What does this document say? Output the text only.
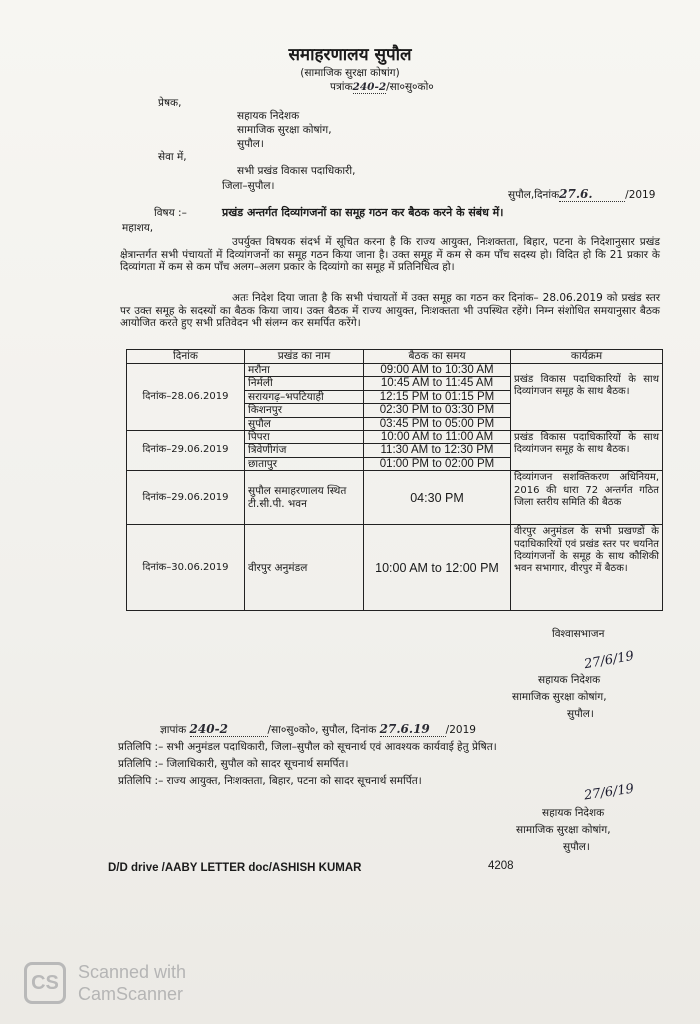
समाहरणालय सुपौल
(सामाजिक सुरक्षा कोषांग)
पत्रांक240-2/सा०सु०को०
प्रेषक,
सहायक निदेशक
सामाजिक सुरक्षा कोषांग,
सुपौल।
सेवा में,
सभी प्रखंड विकास पदाधिकारी,
जिला–सुपौल।
सुपौल,दिनांक27.6.	/2019
विषय :–	प्रखंड अन्तर्गत दिव्यांगजनों का समूह गठन कर बैठक करने के संबंध में।
महाशय,
उपर्युक्त विषयक संदर्भ में सूचित करना है कि राज्य आयुक्त, निःशक्तता, बिहार, पटना के निदेशानुसार प्रखंड क्षेत्रान्तर्गत सभी पंचायतों में दिव्यांगजनों का समूह गठन किया जाना है। उक्त समूह में कम से कम पाँच सदस्य हो। विदित हो कि 21 प्रकार के दिव्यांगता में कम से कम पाँच अलग–अलग प्रकार के दिव्यांगो का समूह में प्रतिनिधित्व हो।
अतः निदेश दिया जाता है कि सभी पंचायतों में उक्त समूह का गठन कर दिनांक– 28.06.2019 को प्रखंड स्तर पर उक्त समूह के सदस्यों का बैठक किया जाय। उक्त बैठक में राज्य आयुक्त, निःशक्तता भी उपस्थित रहेंगे। निम्न संशोधित समयानुसार बैठक आयोजित करते हुए सभी प्रतिवेदन भी संलग्न कर समर्पित करेंगे।
दिनांक	प्रखंड का नाम	बैठक का समय	कार्यक्रम
दिनांक–28.06.2019	मरौना	09:00 AM to 10:30 AM	प्रखंड विकास पदाधिकारियों के साथ दिव्यांगजन समूह के साथ बैठक।
	निर्मली	10:45 AM to 11:45 AM	
	सरायगढ़–भपटियाही	12:15 PM to 01:15 PM	
	किशनपुर	02:30 PM to 03:30 PM	
	सुपौल	03:45 PM to 05:00 PM	
दिनांक–29.06.2019	पिपरा	10:00 AM to 11:00 AM	प्रखंड विकास पदाधिकारियों के साथ दिव्यांगजन समूह के साथ बैठक।
	त्रिवेणीगंज	11:30 AM to 12:30 PM	
	छातापुर	01:00 PM to 02:00 PM	
दिनांक–29.06.2019	सुपौल समाहरणालय स्थित टी.सी.पी. भवन	04:30 PM	दिव्यांगजन सशक्तिकरण अधिनियम, 2016 की धारा 72 अन्तर्गत गठित जिला स्तरीय समिति की बैठक
दिनांक–30.06.2019	वीरपुर अनुमंडल	10:00 AM to 12:00 PM	वीरपुर अनुमंडल के सभी प्रखण्डों के पदाधिकारियों एवं प्रखंड स्तर पर चयनित दिव्यांगजनों के समूह के साथ कौशिकी भवन सभागार, वीरपुर में बैठक।
विश्वासभाजन
27/6/19
सहायक निदेशक
सामाजिक सुरक्षा कोषांग,
सुपौल।
ज्ञापांक 240-2	/सा०सु०को०, सुपौल, दिनांक 27.6.19 /2019
प्रतिलिपि :– सभी अनुमंडल पदाधिकारी, जिला–सुपौल को सूचनार्थ एवं आवश्यक कार्यवाई हेतु प्रेषित।
प्रतिलिपि :– जिलाधिकारी, सुपौल को सादर सूचनार्थ समर्पित।
प्रतिलिपि :– राज्य आयुक्त, निःशक्तता, बिहार, पटना को सादर सूचनार्थ समर्पित।
27/6/19
सहायक निदेशक
सामाजिक सुरक्षा कोषांग,
सुपौल।
D/D drive /AABY LETTER doc/ASHISH KUMAR	4208
CS	Scanned with
CamScanner
